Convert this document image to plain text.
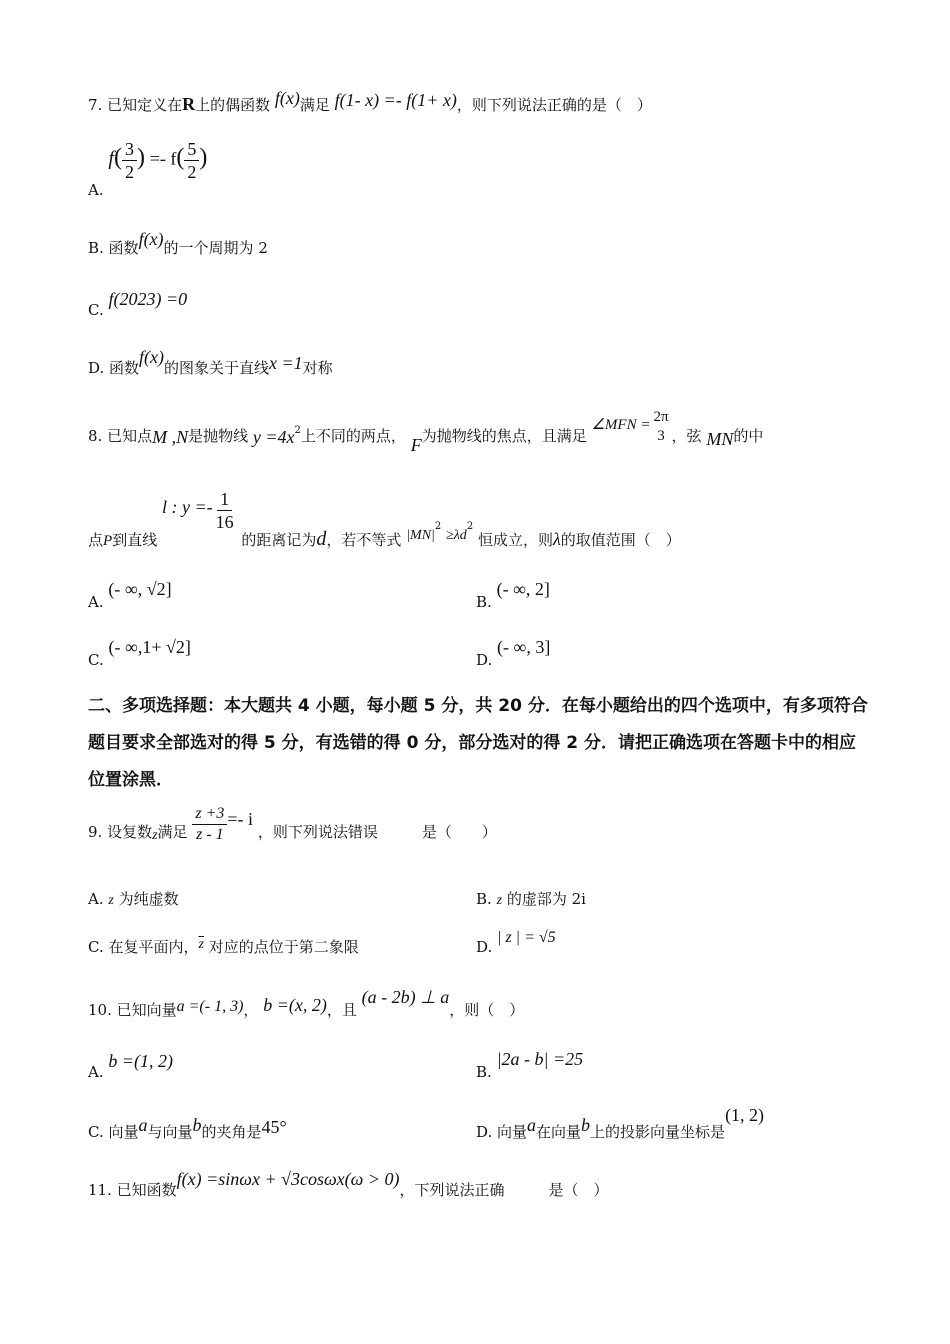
7. 已知定义在R上的偶函数 f(x)满足 f(1- x) =- f(1+ x)，则下列说法正确的是（　）
A. $f( \frac{3}{2}$ ) =- $f( \frac{5}{2}$ )
B. 函数f(x)的一个周期为 2
C. f(2023) =0
D. 函数f(x)的图象关于直线x =1对称
8. 已知点M ,N是抛物线 $y =4x^2$上不同的两点， F为抛物线的焦点，且满足 ∠MFN = 2π
3 ，弦 MN的中
点P到直线 l : $y =- \frac{1}{16}$
的距离记为d，若不等式 $|MN|_2 \ge\lambda d_2$ 恒成立，则λ的取值范围（　）
A. (- ∞, √2]
B. (- ∞, 2]
C. (- ∞,1+ √2]
D. (- ∞, 3]
二、多项选择题：本大题共 4 小题，每小题 5 分，共 20 分．在每小题给出的四个选项中，有多项符合题目要求全部选对的得 5 分，有选错的得 0 分，部分选对的得 2 分．请把正确选项在答题卡中的相应位置涂黑．
9. 设复数z满足 $\frac{z +3}{z - 1} =- i$ ，则下列说法错误	是（　　）
A. z 为纯虚数	B. z 的虚部为 2i
C. 在复平面内，$\overline{z}$ 对应的点位于第二象限	D. | z | = √5
10. 已知向量a =(- 1, 3)， b =(x, 2)，且 (a - 2b) ⊥ a，则（　）
A. b =(1, 2)
B. |2a - b| =25
C. 向量a与向量b的夹角是45°	D. 向量a在向量b上的投影向量坐标是(1, 2)
11. 已知函数f(x) =sinωx + √3cosωx(ω > 0)，下列说法正确	是（　）
